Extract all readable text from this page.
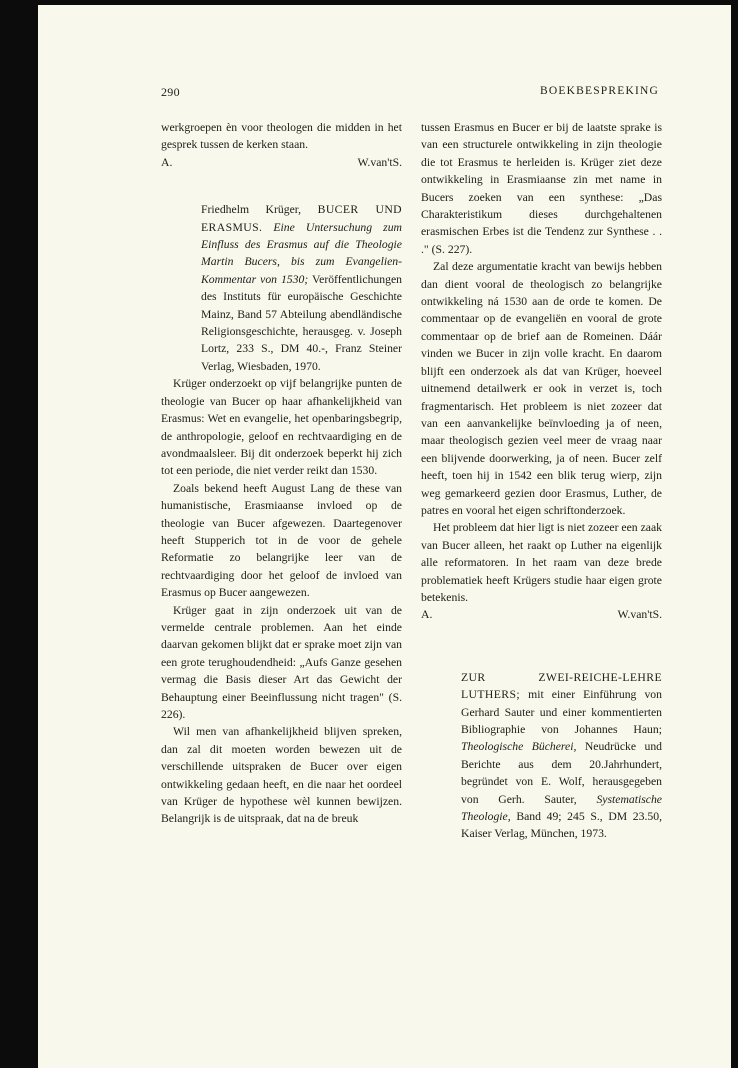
290	BOEKBESPREKING

werkgroepen èn voor theologen die midden in het gesprek tussen de kerken staan.

A.	W.van'tS.

Friedhelm Krüger, BUCER UND ERASMUS. Eine Untersuchung zum Einfluss des Erasmus auf die Theologie Martin Bucers, bis zum Evangelien-Kommentar von 1530; Veröffentlichungen des Instituts für europäische Geschichte Mainz, Band 57 Abteilung abendländische Religionsgeschichte, herausgeg. v. Joseph Lortz, 233 S., DM 40.-, Franz Steiner Verlag, Wiesbaden, 1970.

Krüger onderzoekt op vijf belangrijke punten de theologie van Bucer op haar afhankelijkheid van Erasmus: Wet en evangelie, het openbaringsbegrip, de anthropologie, geloof en rechtvaardiging en de avondmaalsleer. Bij dit onderzoek beperkt hij zich tot een periode, die niet verder reikt dan 1530.

Zoals bekend heeft August Lang de these van humanistische, Erasmiaanse invloed op de theologie van Bucer afgewezen. Daartegenover heeft Stupperich tot in de voor de gehele Reformatie zo belangrijke leer van de rechtvaardiging door het geloof de invloed van Erasmus op Bucer aangewezen.

Krüger gaat in zijn onderzoek uit van de vermelde centrale problemen. Aan het einde daarvan gekomen blijkt dat er sprake moet zijn van een grote terughoudendheid: „Aufs Ganze gesehen vermag die Basis dieser Art das Gewicht der Behauptung einer Beeinflussung nicht tragen" (S. 226).

Wil men van afhankelijkheid blijven spreken, dan zal dit moeten worden bewezen uit de verschillende uitspraken de Bucer over eigen ontwikkeling gedaan heeft, en die naar het oordeel van Krüger de hypothese wèl kunnen bewijzen. Belangrijk is de uitspraak, dat na de breuk

tussen Erasmus en Bucer er bij de laatste sprake is van een structurele ontwikkeling in zijn theologie die tot Erasmus te herleiden is. Krüger ziet deze ontwikkeling in Erasmiaanse zin met name in Bucers zoeken van een synthese: „Das Charakteristikum dieses durchgehaltenen erasmischen Erbes ist die Tendenz zur Synthese . . ." (S. 227).

Zal deze argumentatie kracht van bewijs hebben dan dient vooral de theologisch zo belangrijke ontwikkeling ná 1530 aan de orde te komen. De commentaar op de evangeliën en vooral de grote commentaar op de brief aan de Romeinen. Dáár vinden we Bucer in zijn volle kracht. En daarom blijft een onderzoek als dat van Krüger, hoeveel uitnemend detailwerk er ook in verzet is, toch fragmentarisch. Het probleem is niet zozeer dat van een aanvankelijke beïnvloeding ja of neen, maar theologisch gezien veel meer de vraag naar een blijvende doorwerking, ja of neen. Bucer zelf heeft, toen hij in 1542 een blik terug wierp, zijn weg gemarkeerd gezien door Erasmus, Luther, de patres en vooral het eigen schriftonderzoek.

Het probleem dat hier ligt is niet zozeer een zaak van Bucer alleen, het raakt op Luther na eigenlijk alle reformatoren. In het raam van deze brede problematiek heeft Krügers studie haar eigen grote betekenis.

A.	W.van'tS.

ZUR ZWEI-REICHE-LEHRE LUTHERS; mit einer Einführung von Gerhard Sauter und einer kommentierten Bibliographie von Johannes Haun; Theologische Bücherei, Neudrücke und Berichte aus dem 20.Jahrhundert, begründet von E. Wolf, herausgegeben von Gerh. Sauter, Systematische Theologie, Band 49; 245 S., DM 23.50, Kaiser Verlag, München, 1973.
